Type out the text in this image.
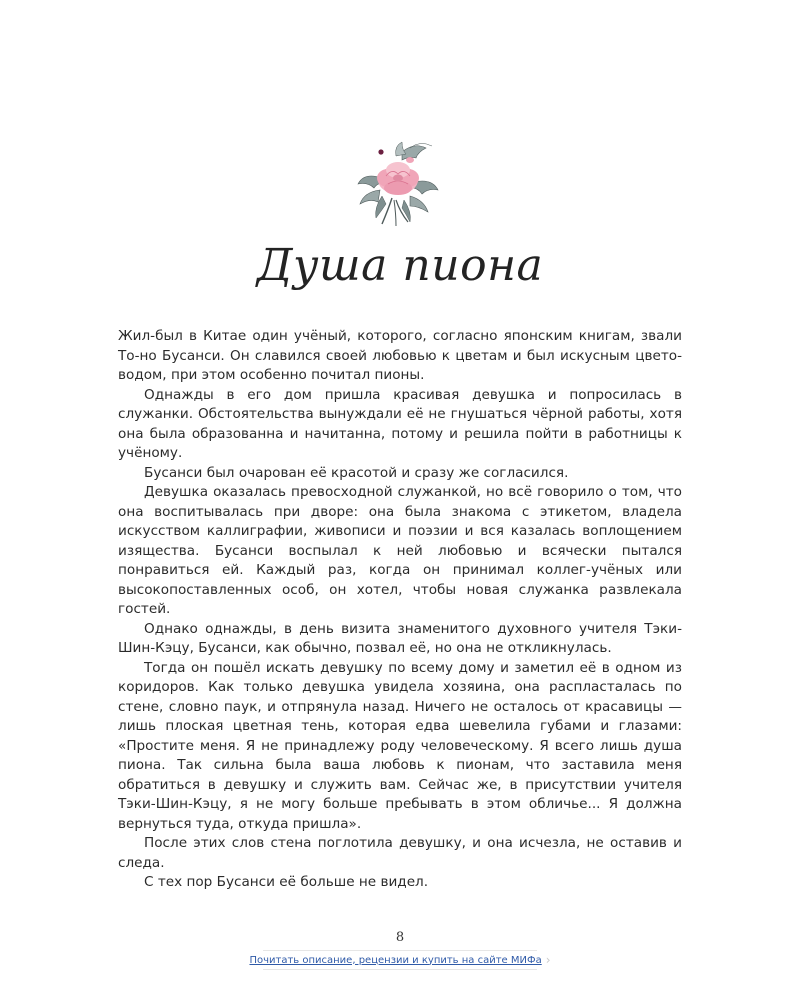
Душа пиона

Жил-был в Китае один учёный, которого, согласно японским книгам, звали То-но Бусанси. Он славился своей любовью к цветам и был искусным цветоводом, при этом особенно почитал пионы.

Однажды в его дом пришла красивая девушка и попросилась в служанки. Обстоятельства вынуждали её не гнушаться чёрной работы, хотя она была образованна и начитанна, потому и решила пойти в работницы к учёному.

Бусанси был очарован её красотой и сразу же согласился.

Девушка оказалась превосходной служанкой, но всё говорило о том, что она воспитывалась при дворе: она была знакома с этикетом, владела искусством каллиграфии, живописи и поэзии и вся казалась воплощением изящества. Бусанси воспылал к ней любовью и всячески пытался понравиться ей. Каждый раз, когда он принимал коллег-учёных или высокопоставленных особ, он хотел, чтобы новая служанка развлекала гостей.

Однако однажды, в день визита знаменитого духовного учителя Тэки-Шин-Кэцу, Бусанси, как обычно, позвал её, но она не откликнулась.

Тогда он пошёл искать девушку по всему дому и заметил её в одном из коридоров. Как только девушка увидела хозяина, она распласталась по стене, словно паук, и отпрянула назад. Ничего не осталось от красавицы — лишь плоская цветная тень, которая едва шевелила губами и глазами: «Простите меня. Я не принадлежу роду человеческому. Я всего лишь душа пиона. Так сильна была ваша любовь к пионам, что заставила меня обратиться в девушку и служить вам. Сейчас же, в присутствии учителя Тэки-Шин-Кэцу, я не могу больше пребывать в этом обличье... Я должна вернуться туда, откуда пришла».

После этих слов стена поглотила девушку, и она исчезла, не оставив и следа.

С тех пор Бусанси её больше не видел.

8
Почитать описание, рецензии и купить на сайте МИФа ›
